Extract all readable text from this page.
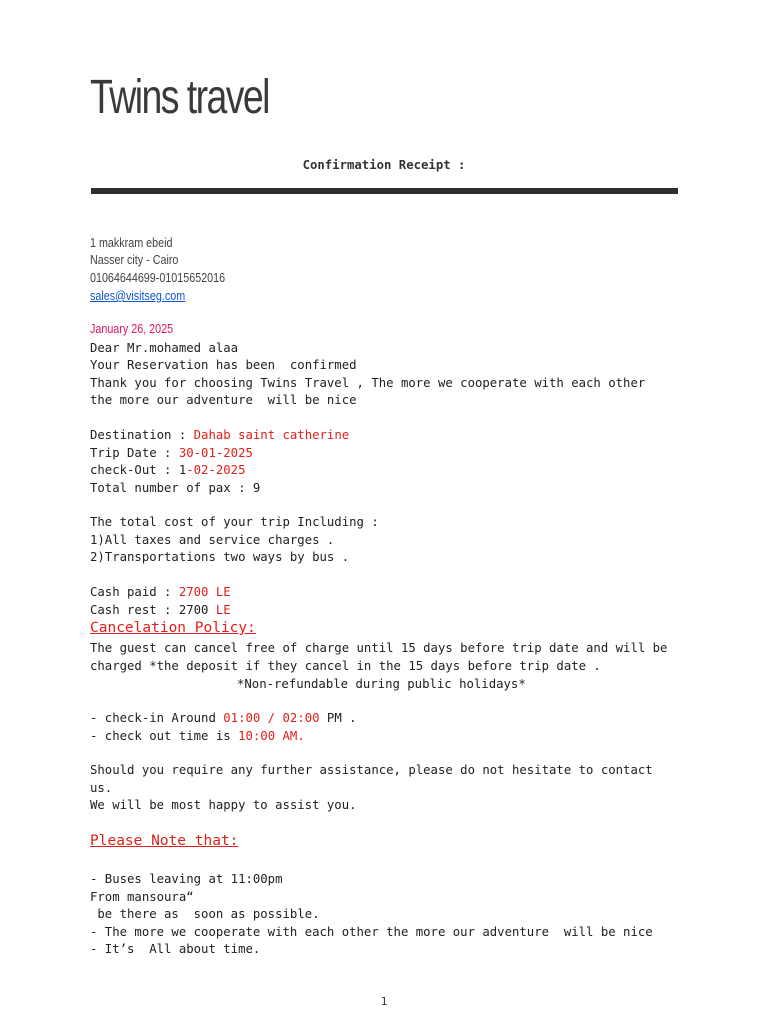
Twins travel
Confirmation Receipt :
1 makkram ebeid
Nasser city - Cairo
01064644699-01015652016
sales@visitseg.com
January 26, 2025
Dear Mr.mohamed alaa
Your Reservation has been  confirmed
Thank you for choosing Twins Travel , The more we cooperate with each other
the more our adventure  will be nice
Destination : Dahab saint catherine
Trip Date : 30-01-2025
check-Out : 1-02-2025
Total number of pax : 9
The total cost of your trip Including :
1)All taxes and service charges .
2)Transportations two ways by bus .
Cash paid : 2700 LE
Cash rest : 2700 LE
Cancelation Policy:
The guest can cancel free of charge until 15 days before trip date and will be
charged *the deposit if they cancel in the 15 days before trip date .
*Non-refundable during public holidays*
- check-in Around 01:00 / 02:00 PM .
- check out time is 10:00 AM.
Should you require any further assistance, please do not hesitate to contact
us.
We will be most happy to assist you.
Please Note that:
- Buses leaving at 11:00pm
From mansoura“
be there as  soon as possible.
- The more we cooperate with each other the more our adventure  will be nice
- It’s  All about time.
1
